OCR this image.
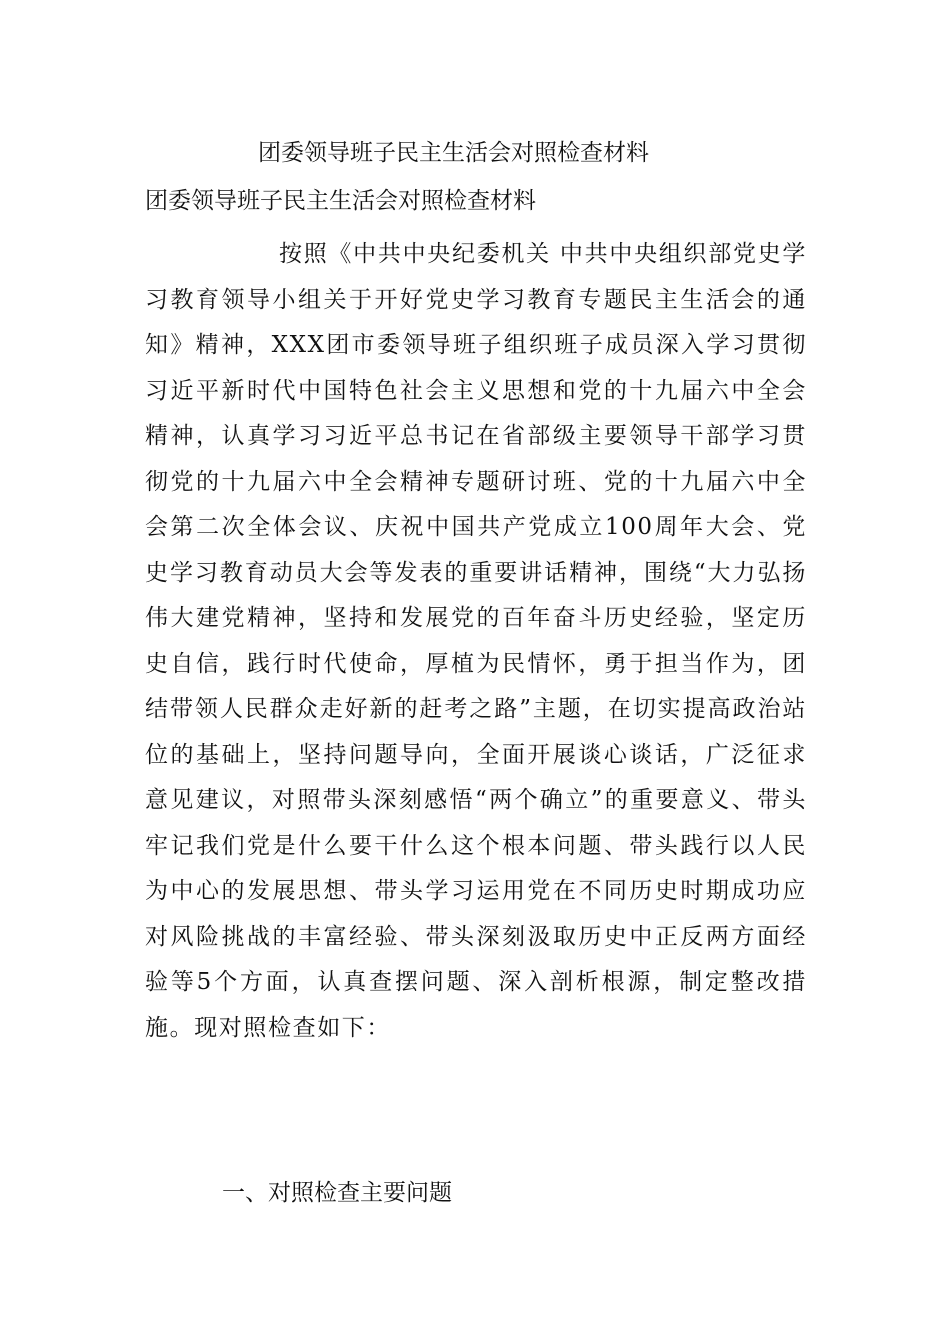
团委领导班子民主生活会对照检查材料
团委领导班子民主生活会对照检查材料

按照《中共中央纪委机关 中共中央组织部党史学习教育领导小组关于开好党史学习教育专题民主生活会的通知》精神，XXX团市委领导班子组织班子成员深入学习贯彻习近平新时代中国特色社会主义思想和党的十九届六中全会精神，认真学习习近平总书记在省部级主要领导干部学习贯彻党的十九届六中全会精神专题研讨班、党的十九届六中全会第二次全体会议、庆祝中国共产党成立100周年大会、党史学习教育动员大会等发表的重要讲话精神，围绕“大力弘扬伟大建党精神，坚持和发展党的百年奋斗历史经验，坚定历史自信，践行时代使命，厚植为民情怀，勇于担当作为，团结带领人民群众走好新的赶考之路”主题，在切实提高政治站位的基础上，坚持问题导向，全面开展谈心谈话，广泛征求意见建议，对照带头深刻感悟“两个确立”的重要意义、带头牢记我们党是什么要干什么这个根本问题、带头践行以人民为中心的发展思想、带头学习运用党在不同历史时期成功应对风险挑战的丰富经验、带头深刻汲取历史中正反两方面经验等5个方面，认真查摆问题、深入剖析根源，制定整改措施。现对照检查如下：

一、对照检查主要问题
